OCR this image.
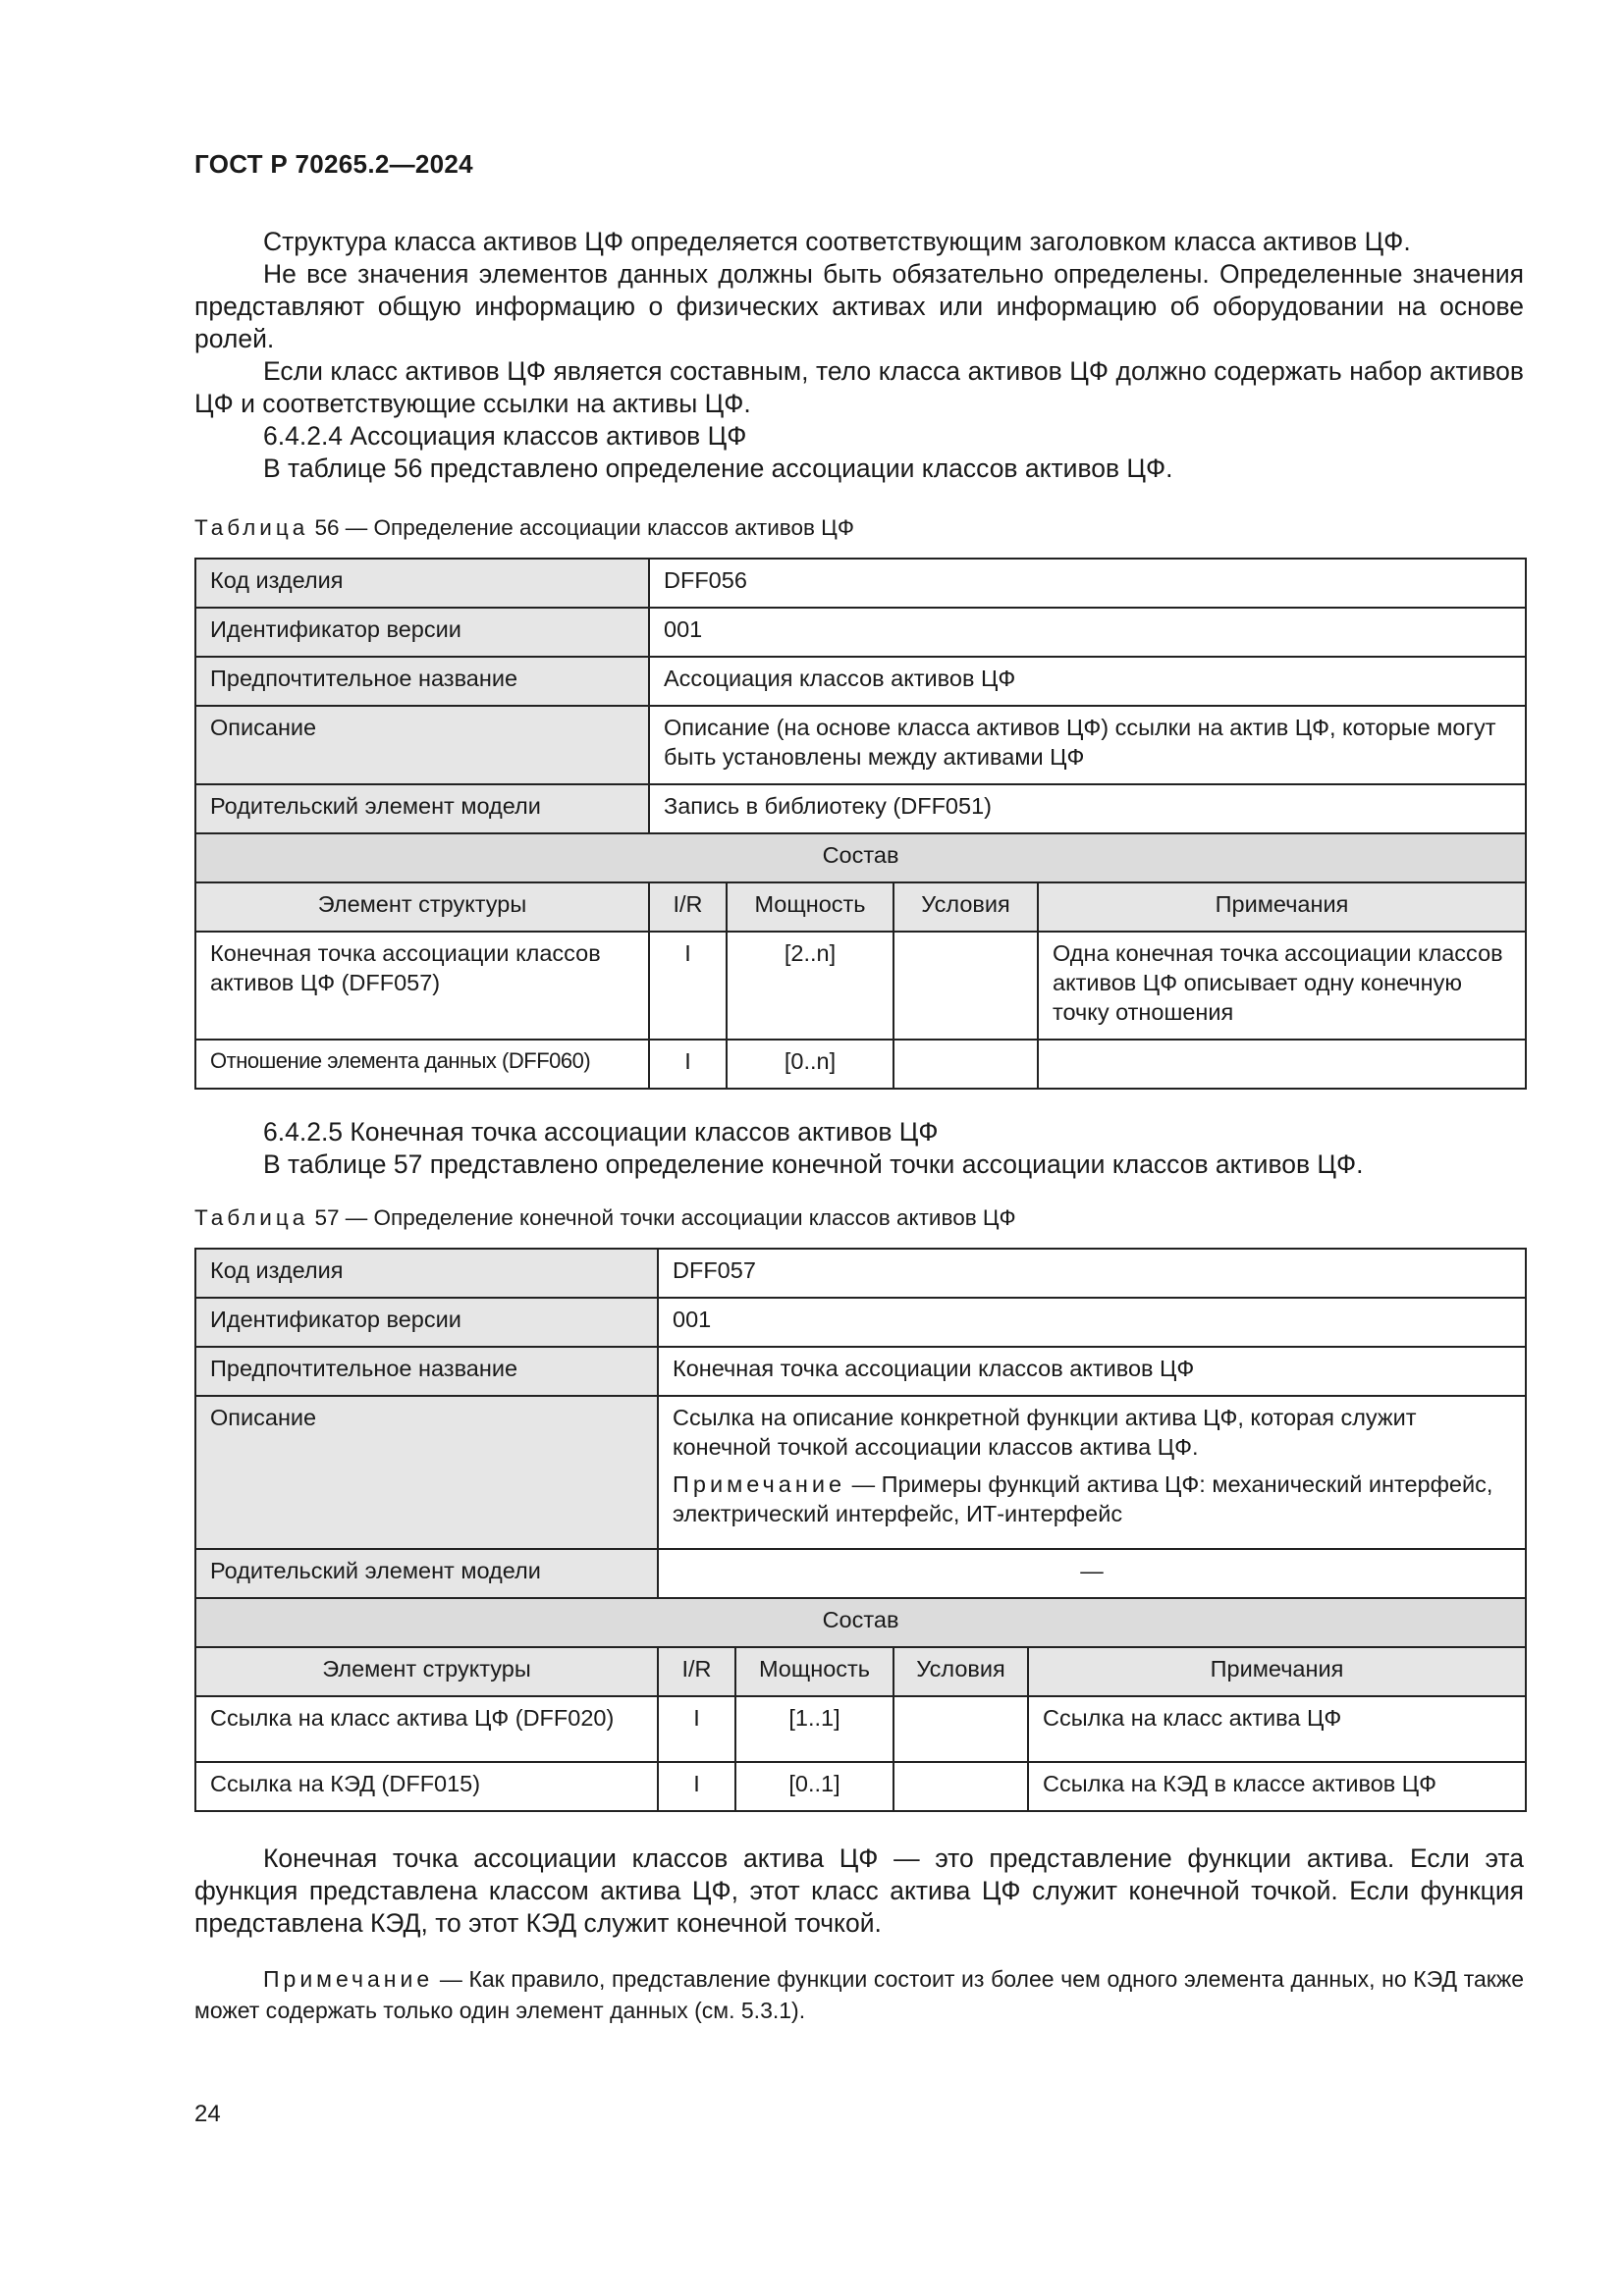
ГОСТ Р 70265.2—2024

Структура класса активов ЦФ определяется соответствующим заголовком класса активов ЦФ.

Не все значения элементов данных должны быть обязательно определены. Определенные значения представляют общую информацию о физических активах или информацию об оборудовании на основе ролей.

Если класс активов ЦФ является составным, тело класса активов ЦФ должно содержать набор активов ЦФ и соответствующие ссылки на активы ЦФ.

6.4.2.4 Ассоциация классов активов ЦФ

В таблице 56 представлено определение ассоциации классов активов ЦФ.

Таблица 56 — Определение ассоциации классов активов ЦФ
Код изделия	DFF056			
Идентификатор версии	001			
Предпочтительное название	Ассоциация классов активов ЦФ			
Описание	Описание (на основе класса активов ЦФ) ссылки на актив ЦФ, которые могут быть установлены между активами ЦФ			
Родительский элемент модели	Запись в библиотеку (DFF051)			
Состав				
Элемент структуры	I/R	Мощность	Условия	Примечания
Конечная точка ассоциации классов активов ЦФ (DFF057)	I	[2..n]		Одна конечная точка ассоциации классов активов ЦФ описывает одну конечную точку отношения
Отношение элемента данных (DFF060)	I	[0..n]		

6.4.2.5 Конечная точка ассоциации классов активов ЦФ

В таблице 57 представлено определение конечной точки ассоциации классов активов ЦФ.

Таблица 57 — Определение конечной точки ассоциации классов активов ЦФ
Код изделия	DFF057			
Идентификатор версии	001			
Предпочтительное название	Конечная точка ассоциации классов активов ЦФ			
Описание	Ссылка на описание конкретной функции актива ЦФ, которая служит конечной точкой ассоциации классов актива ЦФ.
Примечание — Примеры функций актива ЦФ: механический интерфейс, электрический интерфейс, ИТ-интерфейс			

Родительский элемент модели	—			
Состав				
Элемент структуры	I/R	Мощность	Условия	Примечания
Ссылка на класс актива ЦФ (DFF020)	I	[1..1]		Ссылка на класс актива ЦФ
Ссылка на КЭД (DFF015)	I	[0..1]		Ссылка на КЭД в классе активов ЦФ

Конечная точка ассоциации классов актива ЦФ — это представление функции актива. Если эта функция представлена классом актива ЦФ, этот класс актива ЦФ служит конечной точкой. Если функция представлена КЭД, то этот КЭД служит конечной точкой.

Примечание — Как правило, представление функции состоит из более чем одного элемента данных, но КЭД также может содержать только один элемент данных (см. 5.3.1).

24
